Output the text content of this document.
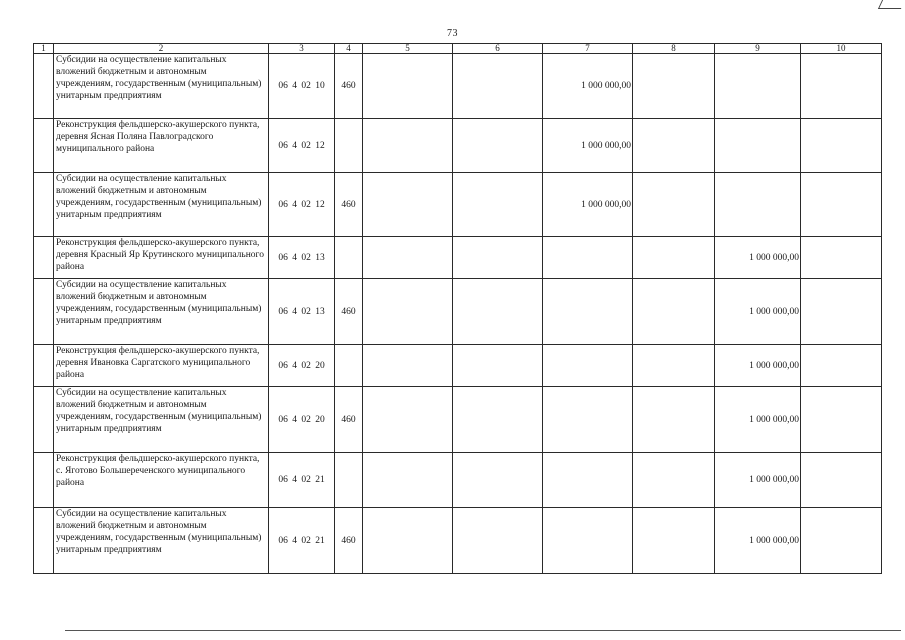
73
1	2	3	4	5	6	7	8	9	10
	Субсидии на осуществление капитальных вложений бюджетным и автономным учреждениям, государственным (муниципальным) унитарным предприятиям	06 4 02 10	460			1 000 000,00			
	Реконструкция фельдшерско-акушерского пункта, деревня Ясная Поляна Павлоградского муниципального района	06 4 02 12				1 000 000,00			
	Субсидии на осуществление капитальных вложений бюджетным и автономным учреждениям, государственным (муниципальным) унитарным предприятиям	06 4 02 12	460			1 000 000,00			
	Реконструкция фельдшерско-акушерского пункта, деревня Красный Яр Крутинского муниципального района	06 4 02 13						1 000 000,00	
	Субсидии на осуществление капитальных вложений бюджетным и автономным учреждениям, государственным (муниципальным) унитарным предприятиям	06 4 02 13	460					1 000 000,00	
	Реконструкция фельдшерско-акушерского пункта, деревня Ивановка Саргатского муниципального района	06 4 02 20						1 000 000,00	
	Субсидии на осуществление капитальных вложений бюджетным и автономным учреждениям, государственным (муниципальным) унитарным предприятиям	06 4 02 20	460					1 000 000,00	
	Реконструкция фельдшерско-акушерского пункта, с. Яготово Большереченского муниципального района	06 4 02 21						1 000 000,00	
	Субсидии на осуществление капитальных вложений бюджетным и автономным учреждениям, государственным (муниципальным) унитарным предприятиям	06 4 02 21	460					1 000 000,00	
